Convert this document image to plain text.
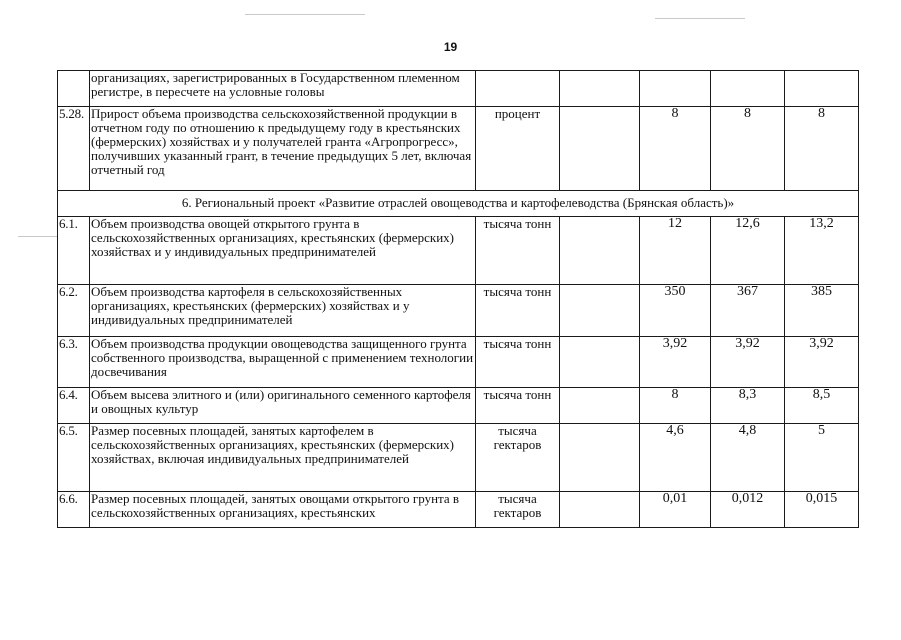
19
	организациях, зарегистрированных в Государственном племенном регистре, в пересчете на условные головы					
5.28.	Прирост объема производства сельскохозяйственной продукции в отчетном году по отношению к предыдущему году в крестьянских (фермерских) хозяйствах и у получателей гранта «Агропрогресс», получивших указанный грант, в течение предыдущих 5 лет, включая отчетный год	процент		8	8	8
6. Региональный проект «Развитие отраслей овощеводства и картофелеводства (Брянская область)»						
6.1.	Объем производства овощей открытого грунта в сельскохозяйственных организациях, крестьянских (фермерских) хозяйствах и у индивидуальных предпринимателей	тысяча тонн		12	12,6	13,2
6.2.	Объем производства картофеля в сельскохозяйственных организациях, крестьянских (фермерских) хозяйствах и у индивидуальных предпринимателей	тысяча тонн		350	367	385
6.3.	Объем производства продукции овощеводства защищенного грунта собственного производства, выращенной с применением технологии досвечивания	тысяча тонн		3,92	3,92	3,92
6.4.	Объем высева элитного и (или) оригинального семенного картофеля и овощных культур	тысяча тонн		8	8,3	8,5
6.5.	Размер посевных площадей, занятых картофелем в сельскохозяйственных организациях, крестьянских (фермерских) хозяйствах, включая индивидуальных предпринимателей	тысяча гектаров		4,6	4,8	5
6.6.	Размер посевных площадей, занятых овощами открытого грунта в сельскохозяйственных организациях, крестьянских	тысяча гектаров		0,01	0,012	0,015
